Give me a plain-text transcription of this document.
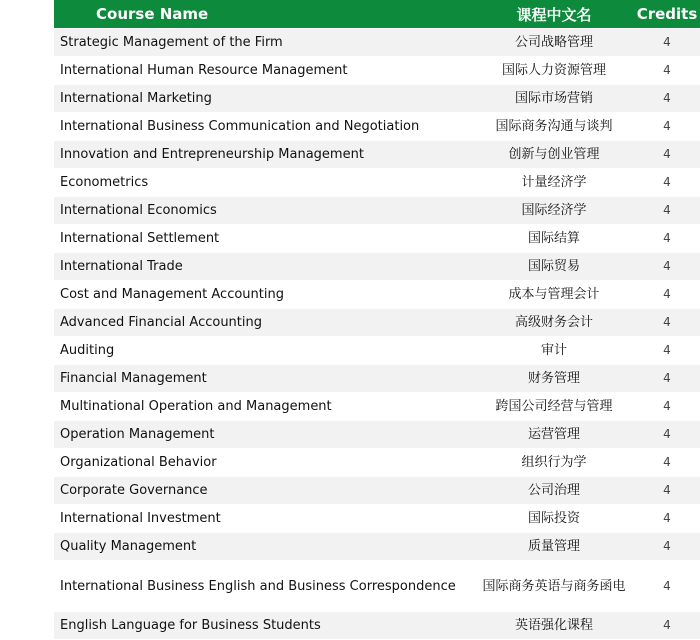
Course Name	课程中文名	Credits
Strategic Management of the Firm	公司战略管理	4
International Human Resource Management	国际人力资源管理	4
International Marketing	国际市场营销	4
International Business Communication and Negotiation	国际商务沟通与谈判	4
Innovation and Entrepreneurship Management	创新与创业管理	4
Econometrics	计量经济学	4
International Economics	国际经济学	4
International Settlement	国际结算	4
International Trade	国际贸易	4
Cost and Management Accounting	成本与管理会计	4
Advanced Financial Accounting	高级财务会计	4
Auditing	审计	4
Financial Management	财务管理	4
Multinational Operation and Management	跨国公司经营与管理	4
Operation Management	运营管理	4
Organizational Behavior	组织行为学	4
Corporate Governance	公司治理	4
International Investment	国际投资	4
Quality Management	质量管理	4
International Business English and Business Correspondence	国际商务英语与商务函电	4
English Language for Business Students	英语强化课程	4
